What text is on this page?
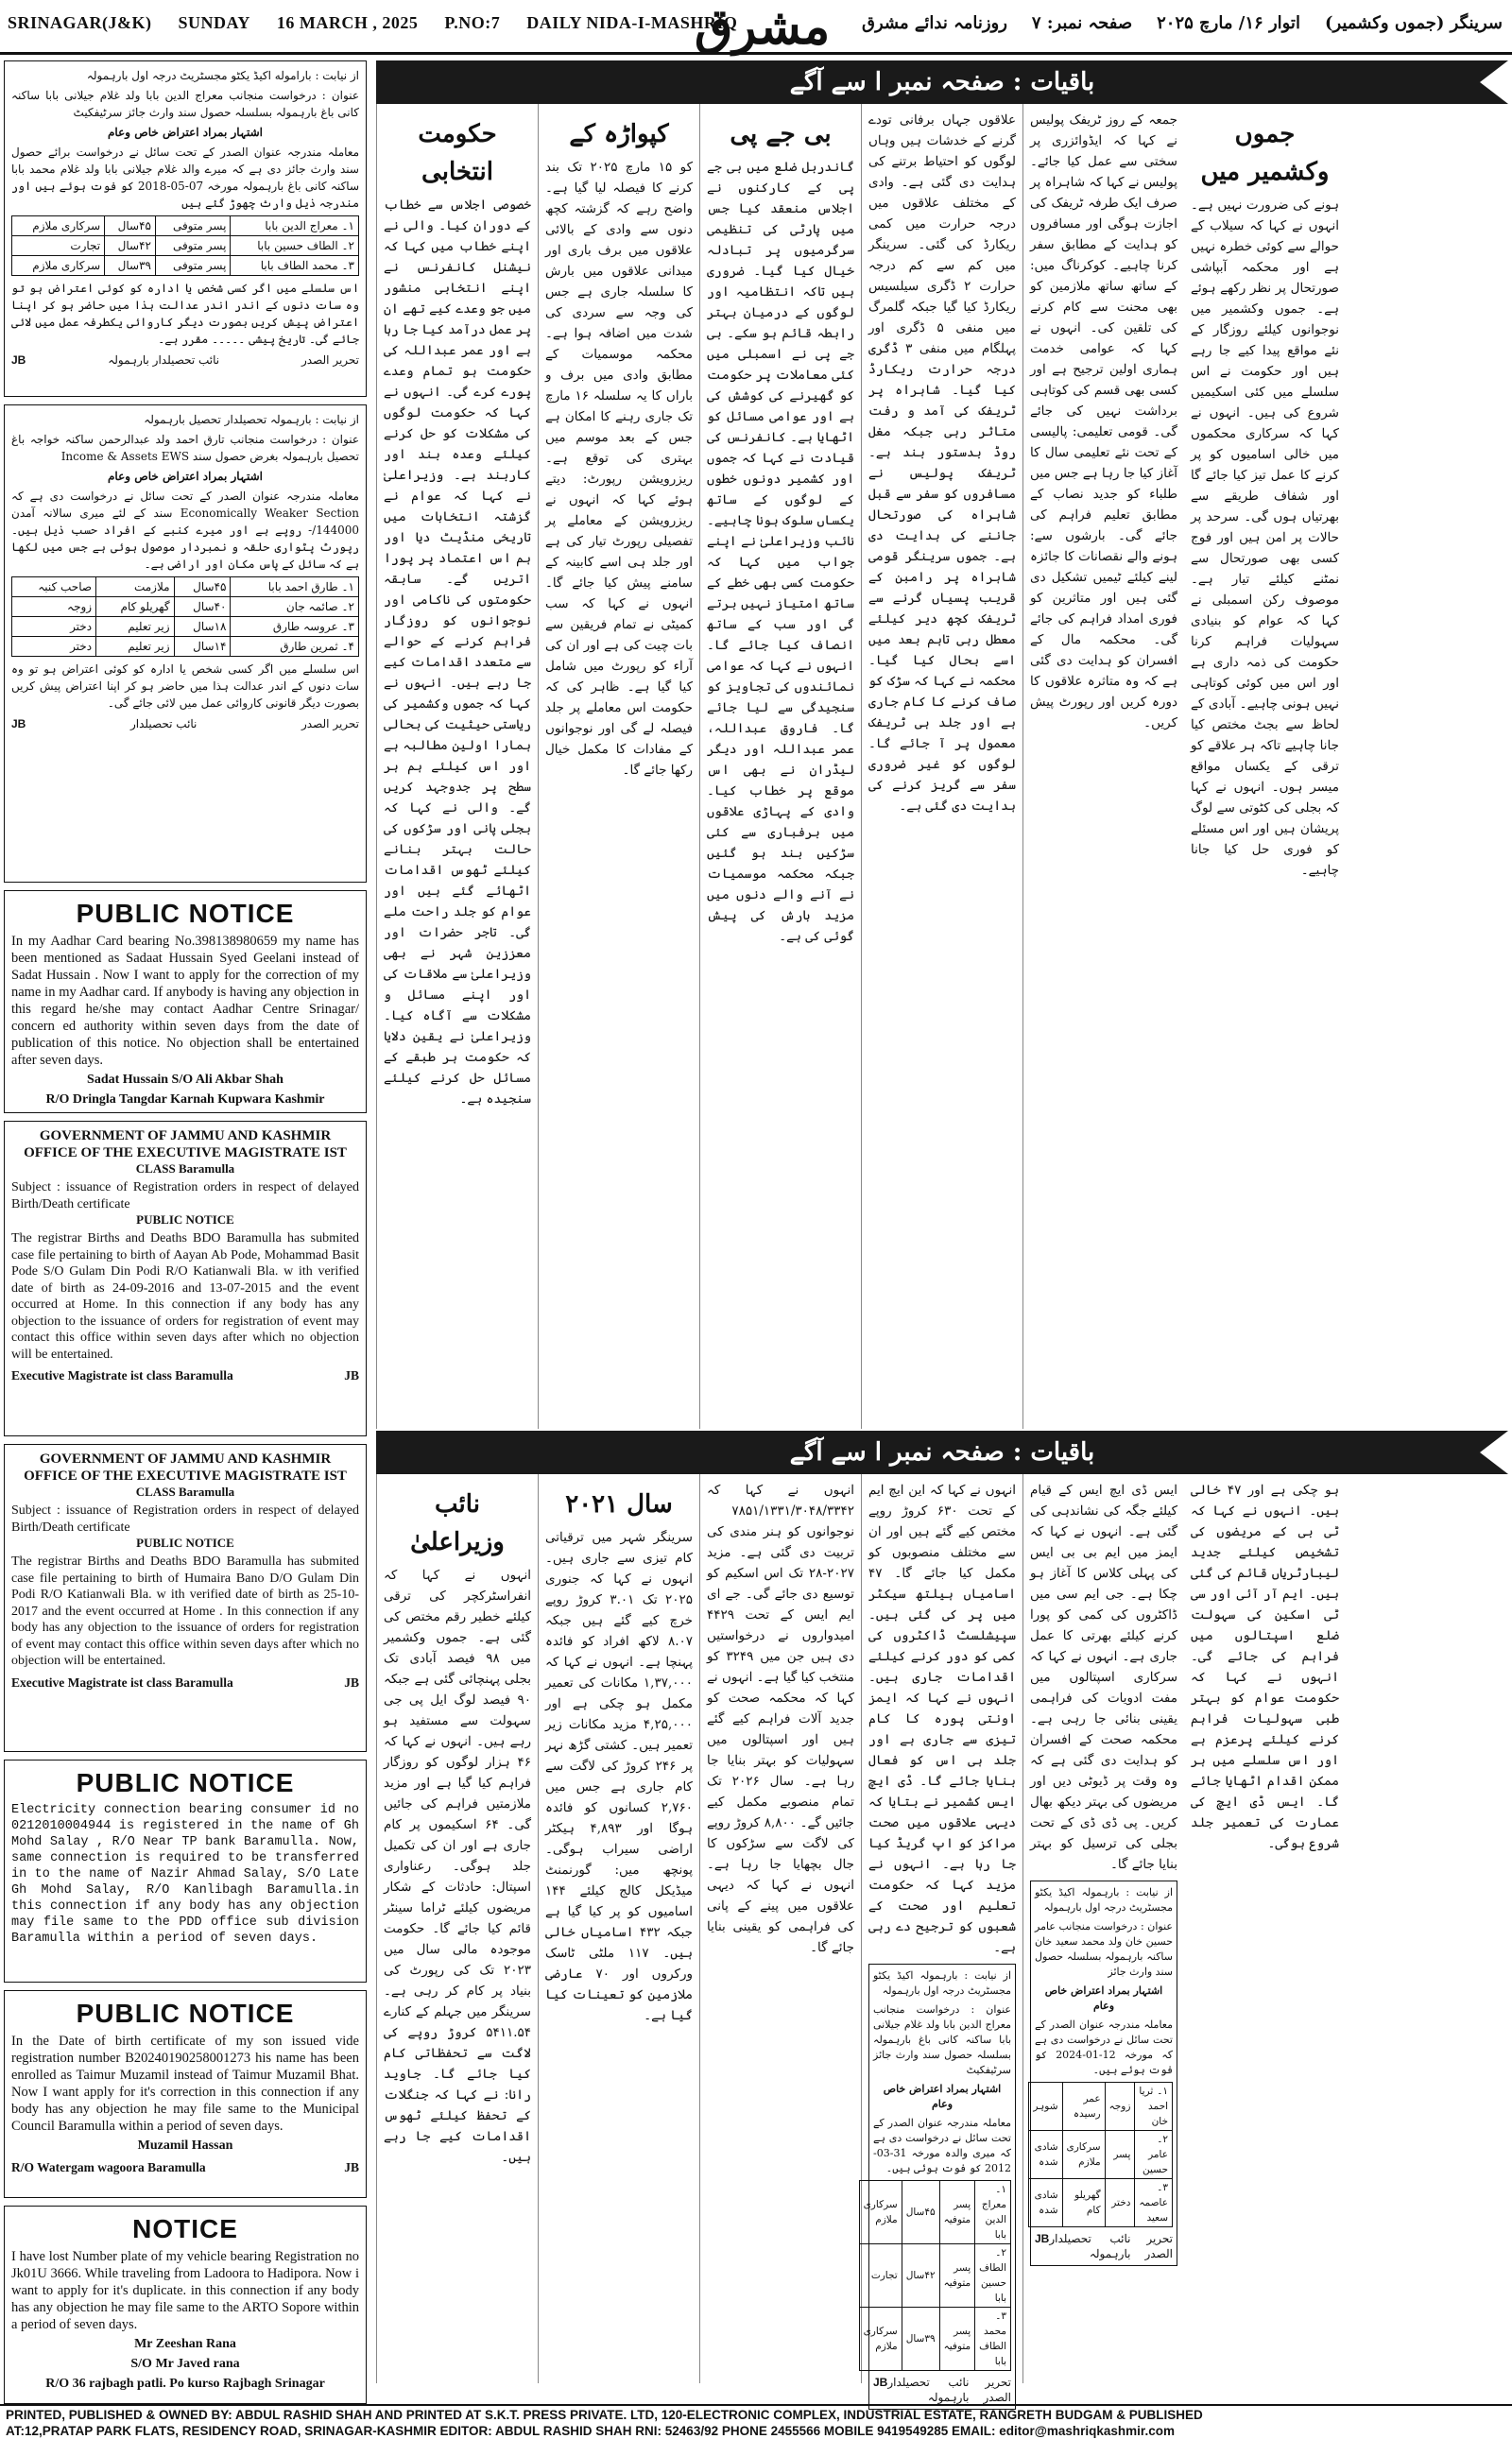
SRINAGAR(J&K) SUNDAY 16 MARCH , 2025 P.NO:7 DAILY NIDA-I-MASHRIQ
مشرق	سرینگر (جموں وکشمیر)
اتوار ۱۶/ مارچ ۲۰۲۵
صفحہ نمبر: ۷
روزنامہ ندائے مشرق

از نیابت : باراموله اکیڈ یکٹو مجسٹریٹ درجہ اول بارہمولہ

عنوان : درخواست منجانب معراج الدین بابا ولد غلام جیلانی بابا ساکنہ کانی باغ بارہمولہ بسلسلہ حصول سند وارث جائز سرٹیفکیٹ

اشتہار بمراد اعتراض خاص وعام

معاملہ مندرجہ عنوان الصدر کے تحت سائل نے درخواست برائے حصول سند وارث جائز دی ہے کہ میرے والد غلام جیلانی بابا ولد غلام محمد بابا ساکنہ کانی باغ بارہمولہ مورخہ 07-05-2018 کو فوت ہوئے ہیں اور مندرجہ ذیل وارث چھوڑ گئے ہیں

۱۔ معراج الدین بابا	پسر متوفی	۴۵سال	سرکاری ملازم
۲۔ الطاف حسین بابا	پسر متوفی	۴۲سال	تجارت
۳۔ محمد الطاف بابا	پسر متوفی	۳۹سال	سرکاری ملازم

اس سلسلے میں اگر کسی شخص یا ادارہ کو کوئی اعتراض ہو تو وہ سات دنوں کے اندر اندر عدالت ہذا میں حاضر ہو کر اپنا اعتراض پیش کریں بصورت دیگر کاروائی یکطرفہ عمل میں لائی جائے گی۔ تاریخ پیشی ۔۔۔۔۔ مقرر ہے۔

تحریر الصدر
نائب تحصیلدار بارہمولہ
JB

از نیابت : بارہمولہ تحصیلدار تحصیل بارہمولہ

عنوان : درخواست منجانب تارق احمد ولد عبدالرحمن ساکنہ خواجہ باغ تحصیل بارہمولہ بغرض حصول سند Income & Assets EWS

اشتہار بمراد اعتراض خاص وعام

معاملہ مندرجہ عنوان الصدر کے تحت سائل نے درخواست دی ہے کہ Economically Weaker Section سند کے لئے میری سالانہ آمدن 144000/- روپے ہے اور میرے کنبے کے افراد حسب ذیل ہیں۔ رپورٹ پٹواری حلقہ و نمبردار موصول ہوئی ہے جس میں لکھا ہے کہ سائل کے پاس مکان اور اراضی ہے۔

۱۔ طارق احمد بابا	۴۵سال	ملازمت	صاحب کنبہ
۲۔ صائمہ جان	۴۰سال	گھریلو کام	زوجہ
۳۔ عروسہ طارق	۱۸سال	زیر تعلیم	دختر
۴۔ ثمرین طارق	۱۴سال	زیر تعلیم	دختر

اس سلسلے میں اگر کسی شخص یا ادارہ کو کوئی اعتراض ہو تو وہ سات دنوں کے اندر عدالت ہذا میں حاضر ہو کر اپنا اعتراض پیش کریں بصورت دیگر قانونی کاروائی عمل میں لائی جائے گی۔

تحریر الصدر
نائب تحصیلدار
JB
PUBLIC NOTICE
In my Aadhar Card bearing No.398138980659 my name has been mentioned as Sadaat Hussain Syed Geelani instead of Sadat Hussain . Now I want to apply for the correction of my name in my Aadhar card. If anybody is having any objection in this regard he/she may contact Aadhar Centre Srinagar/ concern ed authority within seven days from the date of publication of this notice. No objection shall be entertained after seven days.
Sadat Hussain S/O Ali Akbar Shah
R/O Dringla Tangdar Karnah Kupwara Kashmir
GOVERNMENT OF JAMMU AND KASHMIR
OFFICE OF THE EXECUTIVE MAGISTRATE IST
CLASS Baramulla
Subject : issuance of Registration orders in respect of delayed Birth/Death certificate
PUBLIC NOTICE
The registrar Births and Deaths BDO Baramulla has submited case file pertaining to birth of Aayan Ab Pode, Mohammad Basit Pode S/O Gulam Din Podi R/O Katianwali Bla. w ith verified date of birth as 24-09-2016 and 13-07-2015 and the event occurred at Home. In this connection if any body has any objection to the issuance of orders for registration of event may contact this office within seven days after which no objection will be entertained.
Executive Magistrate ist class Baramulla	JB
GOVERNMENT OF JAMMU AND KASHMIR
OFFICE OF THE EXECUTIVE MAGISTRATE IST
CLASS Baramulla
Subject : issuance of Registration orders in respect of delayed Birth/Death certificate
PUBLIC NOTICE
The registrar Births and Deaths BDO Baramulla has submited case file pertaining to birth of Humaira Bano D/O Gulam Din Podi R/O Katianwali Bla. w ith verified date of birth as 25-10-2017 and the event occurred at Home . In this connection if any body has any objection to the issuance of orders for registration of event may contact this office within seven days after which no objection will be entertained.
Executive Magistrate ist class Baramulla	JB
PUBLIC NOTICE
Electricity connection bearing consumer id no 0212010004944 is registered in the name of Gh Mohd Salay , R/O Near TP bank Baramulla. Now, same connection is required to be transferred in to the name of Nazir Ahmad Salay, S/O Late Gh Mohd Salay, R/O Kanlibagh Baramulla.in this connection if any body has any objection may file same to the PDD office sub division Baramulla within a period of seven days.
PUBLIC NOTICE
In the Date of birth certificate of my son issued vide registration number B20240190258001273 his name has been enrolled as Taimur Muzamil instead of Taimur Muzamil Bhat. Now I want apply for it's correction in this connection if any body has any objection he may file same to the Municipal Council Baramulla within a period of seven days.
Muzamil Hassan
R/O Watergam wagoora Baramulla	JB
NOTICE
I have lost Number plate of my vehicle bearing Registration no Jk01U 3666. While traveling from Ladoora to Hadipora. Now i want to apply for it's duplicate. in this connection if any body has any objection he may file same to the ARTO Sopore within a period of seven days.
Mr Zeeshan Rana
S/O Mr Javed rana
R/O 36 rajbagh patli. Po kurso Rajbagh Srinagar
باقیات : صفحہ نمبر ا سے آگے
حکومت انتخابی

خصوصی اجلاس سے خطاب کے دوران کیا۔ والی نے اپنے خطاب میں کہا کہ نیشنل کانفرنس نے اپنے انتخابی منشور میں جو وعدے کیے تھے ان پر عمل درآمد کیا جا رہا ہے اور عمر عبداللہ کی حکومت ہو تمام وعدے پورے کرے گی۔ انہوں نے کہا کہ حکومت لوگوں کی مشکلات کو حل کرنے کیلئے وعدہ بند اور کاربند ہے۔ وزیراعلیٰ نے کہا کہ عوام نے گزشتہ انتخابات میں تاریخی منڈیٹ دیا اور ہم اس اعتماد پر پورا اتریں گے۔ سابقہ حکومتوں کی ناکامی اور نوجوانوں کو روزگار فراہم کرنے کے حوالے سے متعدد اقدامات کیے جا رہے ہیں۔ انہوں نے کہا کہ جموں وکشمیر کی ریاستی حیثیت کی بحالی ہمارا اولین مطالبہ ہے اور اس کیلئے ہم ہر سطح پر جدوجہد کریں گے۔ والی نے کہا کہ بجلی پانی اور سڑکوں کی حالت بہتر بنانے کیلئے ٹھوس اقدامات اٹھائے گئے ہیں اور عوام کو جلد راحت ملے گی۔ تاجر حضرات اور معززین شہر نے بھی وزیراعلیٰ سے ملاقات کی اور اپنے مسائل و مشکلات سے آگاہ کیا۔ وزیراعلیٰ نے یقین دلایا کہ حکومت ہر طبقے کے مسائل حل کرنے کیلئے سنجیدہ ہے۔

کپواڑہ کے

کو ۱۵ مارچ ۲۰۲۵ تک بند کرنے کا فیصلہ لیا گیا ہے۔ واضح رہے کہ گزشتہ کچھ دنوں سے وادی کے بالائی علاقوں میں برف باری اور میدانی علاقوں میں بارش کا سلسلہ جاری ہے جس کی وجہ سے سردی کی شدت میں اضافہ ہوا ہے۔ محکمہ موسمیات کے مطابق وادی میں برف و باراں کا یہ سلسلہ ۱۶ مارچ تک جاری رہنے کا امکان ہے جس کے بعد موسم میں بہتری کی توقع ہے۔ ریزرویشن رپورٹ: دیتے ہوئے کہا کہ انہوں نے ریزرویشن کے معاملے پر تفصیلی رپورٹ تیار کی ہے اور جلد ہی اسے کابینہ کے سامنے پیش کیا جائے گا۔ انہوں نے کہا کہ سب کمیٹی نے تمام فریقین سے بات چیت کی ہے اور ان کی آراء کو رپورٹ میں شامل کیا گیا ہے۔ ظاہر کی کہ حکومت اس معاملے پر جلد فیصلہ لے گی اور نوجوانوں کے مفادات کا مکمل خیال رکھا جائے گا۔

بی جے پی

گاندربل ضلع میں بی جے پی کے کارکنوں نے اجلاس منعقد کیا جس میں پارٹی کی تنظیمی سرگرمیوں پر تبادلہ خیال کیا گیا۔ ضروری ہیں تاکہ انتظامیہ اور لوگوں کے درمیان بہتر رابطہ قائم ہو سکے۔ بی جے پی نے اسمبلی میں کئی معاملات پر حکومت کو گھیرنے کی کوشش کی ہے اور عوامی مسائل کو اٹھایا ہے۔ کانفرنس کی قیادت نے کہا کہ جموں اور کشمیر دونوں خطوں کے لوگوں کے ساتھ یکساں سلوک ہونا چاہیے۔ نائب وزیراعلیٰ نے اپنے جواب میں کہا کہ حکومت کسی بھی خطے کے ساتھ امتیاز نہیں برتے گی اور سب کے ساتھ انصاف کیا جائے گا۔ انہوں نے کہا کہ عوامی نمائندوں کی تجاویز کو سنجیدگی سے لیا جائے گا۔ فاروق عبداللہ، عمر عبداللہ اور دیگر لیڈران نے بھی اس موقع پر خطاب کیا۔ وادی کے پہاڑی علاقوں میں برفباری سے کئی سڑکیں بند ہو گئیں جبکہ محکمہ موسمیات نے آنے والے دنوں میں مزید بارش کی پیش گوئی کی ہے۔

علاقوں جہاں برفانی تودے گرنے کے خدشات ہیں وہاں لوگوں کو احتیاط برتنے کی ہدایت دی گئی ہے۔ وادی کے مختلف علاقوں میں درجہ حرارت میں کمی ریکارڈ کی گئی۔ سرینگر میں کم سے کم درجہ حرارت ۲ ڈگری سیلسیس ریکارڈ کیا گیا جبکہ گلمرگ میں منفی ۵ ڈگری اور پہلگام میں منفی ۳ ڈگری درجہ حرارت ریکارڈ کیا گیا۔ شاہراہ پر ٹریفک کی آمد و رفت متاثر رہی جبکہ مغل روڈ بدستور بند ہے۔ ٹریفک پولیس نے مسافروں کو سفر سے قبل شاہراہ کی صورتحال جاننے کی ہدایت دی ہے۔ جموں سرینگر قومی شاہراہ پر رامبن کے قریب پسیاں گرنے سے ٹریفک کچھ دیر کیلئے معطل رہی تاہم بعد میں اسے بحال کیا گیا۔ محکمہ نے کہا کہ سڑک کو صاف کرنے کا کام جاری ہے اور جلد ہی ٹریفک معمول پر آ جائے گا۔ لوگوں کو غیر ضروری سفر سے گریز کرنے کی ہدایت دی گئی ہے۔

جمعہ کے روز ٹریفک پولیس نے کہا کہ ایڈوائزری پر سختی سے عمل کیا جائے۔ پولیس نے کہا کہ شاہراہ پر صرف ایک طرفہ ٹریفک کی اجازت ہوگی اور مسافروں کو ہدایت کے مطابق سفر کرنا چاہیے۔ کوکرناگ میں: کے ساتھ ساتھ ملازمین کو بھی محنت سے کام کرنے کی تلقین کی۔ انہوں نے کہا کہ عوامی خدمت ہماری اولین ترجیح ہے اور کسی بھی قسم کی کوتاہی برداشت نہیں کی جائے گی۔ قومی تعلیمی: پالیسی کے تحت نئے تعلیمی سال کا آغاز کیا جا رہا ہے جس میں طلباء کو جدید نصاب کے مطابق تعلیم فراہم کی جائے گی۔ بارشوں سے: ہونے والے نقصانات کا جائزہ لینے کیلئے ٹیمیں تشکیل دی گئی ہیں اور متاثرین کو فوری امداد فراہم کی جائے گی۔ محکمہ مال کے افسران کو ہدایت دی گئی ہے کہ وہ متاثرہ علاقوں کا دورہ کریں اور رپورٹ پیش کریں۔

جموں وکشمیر میں

ہونے کی ضرورت نہیں ہے۔ انہوں نے کہا کہ سیلاب کے حوالے سے کوئی خطرہ نہیں ہے اور محکمہ آبپاشی صورتحال پر نظر رکھے ہوئے ہے۔ جموں وکشمیر میں نوجوانوں کیلئے روزگار کے نئے مواقع پیدا کیے جا رہے ہیں اور حکومت نے اس سلسلے میں کئی اسکیمیں شروع کی ہیں۔ انہوں نے کہا کہ سرکاری محکموں میں خالی اسامیوں کو پر کرنے کا عمل تیز کیا جائے گا اور شفاف طریقے سے بھرتیاں ہوں گی۔ سرحد پر حالات پر امن ہیں اور فوج کسی بھی صورتحال سے نمٹنے کیلئے تیار ہے۔ موصوف رکن اسمبلی نے کہا کہ عوام کو بنیادی سہولیات فراہم کرنا حکومت کی ذمہ داری ہے اور اس میں کوئی کوتاہی نہیں ہونی چاہیے۔ آبادی کے لحاظ سے بجٹ مختص کیا جانا چاہیے تاکہ ہر علاقے کو ترقی کے یکساں مواقع میسر ہوں۔ انہوں نے کہا کہ بجلی کی کٹوتی سے لوگ پریشان ہیں اور اس مسئلے کو فوری حل کیا جانا چاہیے۔

باقیات : صفحہ نمبر ا سے آگے
نائب وزیراعلیٰ

انہوں نے کہا کہ انفراسٹرکچر کی ترقی کیلئے خطیر رقم مختص کی گئی ہے۔ جموں وکشمیر میں ۹۸ فیصد آبادی تک بجلی پہنچائی گئی ہے جبکہ ۹۰ فیصد لوگ ایل پی جی سہولت سے مستفید ہو رہے ہیں۔ انہوں نے کہا کہ ۴۶ ہزار لوگوں کو روزگار فراہم کیا گیا ہے اور مزید ملازمتیں فراہم کی جائیں گی۔ ۶۴ اسکیموں پر کام جاری ہے اور ان کی تکمیل جلد ہوگی۔ رعناواری اسپتال: حادثات کے شکار مریضوں کیلئے ٹراما سینٹر قائم کیا جائے گا۔ حکومت موجودہ مالی سال میں ۲۰۲۳ تک کی رپورٹ کی بنیاد پر کام کر رہی ہے۔ سرینگر میں جہلم کے کنارے ۵۴۱۱.۵۴ کروڑ روپے کی لاگت سے تحفظاتی کام کیا جائے گا۔ جاوید رانا: نے کہا کہ جنگلات کے تحفظ کیلئے ٹھوس اقدامات کیے جا رہے ہیں۔

سال ۲۰۲۱

سرینگر شہر میں ترقیاتی کام تیزی سے جاری ہیں۔ انہوں نے کہا کہ جنوری ۲۰۲۵ تک ۳.۰۱ کروڑ روپے خرچ کیے گئے ہیں جبکہ ۸.۰۷ لاکھ افراد کو فائدہ پہنچا ہے۔ انہوں نے کہا کہ ۱,۳۷,۰۰۰ مکانات کی تعمیر مکمل ہو چکی ہے اور ۴,۲۵,۰۰۰ مزید مکانات زیر تعمیر ہیں۔ کشتی گڑھ نہر پر ۲۴۶ کروڑ کی لاگت سے کام جاری ہے جس میں ۲,۷۶۰ کسانوں کو فائدہ ہوگا اور ۴,۸۹۳ ہیکٹر اراضی سیراب ہوگی۔ پونچھ میں: گورنمنٹ میڈیکل کالج کیلئے ۱۴۴ اسامیوں کو پر کیا گیا ہے جبکہ ۴۳۲ اسامیاں خالی ہیں۔ ۱۱۷ ملٹی ٹاسک ورکروں اور ۷۰ عارضی ملازمین کو تعینات کیا گیا ہے۔

انہوں نے کہا کہ ۷۸۵۱/۱۳۳۱/۳۰۴۸/۳۳۴۲ نوجوانوں کو ہنر مندی کی تربیت دی گئی ہے۔ مزید ۲۰۲۷-۲۸ تک اس اسکیم کو توسیع دی جائے گی۔ جے ای ایم ایس کے تحت ۴۴۲۹ امیدواروں نے درخواستیں دی ہیں جن میں ۳۲۴۹ کو منتخب کیا گیا ہے۔ انہوں نے کہا کہ محکمہ صحت کو جدید آلات فراہم کیے گئے ہیں اور اسپتالوں میں سہولیات کو بہتر بنایا جا رہا ہے۔ سال ۲۰۲۶ تک تمام منصوبے مکمل کیے جائیں گے۔ ۸,۸۰۰ کروڑ روپے کی لاگت سے سڑکوں کا جال بچھایا جا رہا ہے۔ انہوں نے کہا کہ دیہی علاقوں میں پینے کے پانی کی فراہمی کو یقینی بنایا جائے گا۔

انہوں نے کہا کہ این ایچ ایم کے تحت ۶۳۰ کروڑ روپے مختص کیے گئے ہیں اور ان سے مختلف منصوبوں کو مکمل کیا جائے گا۔ ۴۷ اسامیاں ہیلتھ سیکٹر میں پر کی گئی ہیں۔ سپیشلسٹ ڈاکٹروں کی کمی کو دور کرنے کیلئے اقدامات جاری ہیں۔ انہوں نے کہا کہ ایمز اونتی پورہ کا کام تیزی سے جاری ہے اور جلد ہی اس کو فعال بنایا جائے گا۔ ڈی ایچ ایس کشمیر نے بتایا کہ دیہی علاقوں میں صحت مراکز کو اپ گریڈ کیا جا رہا ہے۔ انہوں نے مزید کہا کہ حکومت تعلیم اور صحت کے شعبوں کو ترجیح دے رہی ہے۔

از نیابت : بارہمولہ اکیڈ یکٹو مجسٹریٹ درجہ اول بارہمولہ

عنوان : درخواست منجانب معراج الدین بابا ولد غلام جیلانی بابا ساکنہ کانی باغ بارہمولہ بسلسلہ حصول سند وارث جائز سرٹیفکیٹ

اشتہار بمراد اعتراض خاص وعام

معاملہ مندرجہ عنوان الصدر کے تحت سائل نے درخواست دی ہے کہ میری والدہ مورخہ 31-03-2012 کو فوت ہوئی ہیں۔

۱۔ معراج الدین بابا	پسر متوفیہ	۴۵سال	سرکاری ملازم
۲۔ الطاف حسین بابا	پسر متوفیہ	۴۲سال	تجارت
۳۔ محمد الطاف بابا	پسر متوفیہ	۳۹سال	سرکاری ملازم
تحریر الصدر
نائب تحصیلدار بارہمولہ
JB

ایس ڈی ایچ ایس کے قیام کیلئے جگہ کی نشاندہی کی گئی ہے۔ انہوں نے کہا کہ ایمز میں ایم بی بی ایس کی پہلی کلاس کا آغاز ہو چکا ہے۔ جی ایم سی میں ڈاکٹروں کی کمی کو پورا کرنے کیلئے بھرتی کا عمل جاری ہے۔ انہوں نے کہا کہ سرکاری اسپتالوں میں مفت ادویات کی فراہمی یقینی بنائی جا رہی ہے۔ محکمہ صحت کے افسران کو ہدایت دی گئی ہے کہ وہ وقت پر ڈیوٹی دیں اور مریضوں کی بہتر دیکھ بھال کریں۔ پی ڈی ڈی کے تحت بجلی کی ترسیل کو بہتر بنایا جائے گا۔

از نیابت : بارہمولہ اکیڈ یکٹو مجسٹریٹ درجہ اول بارہمولہ

عنوان : درخواست منجانب عامر حسین خان ولد محمد سعید خان ساکنہ بارہمولہ بسلسلہ حصول سند وارث جائز

اشتہار بمراد اعتراض خاص وعام

معاملہ مندرجہ عنوان الصدر کے تحت سائل نے درخواست دی ہے کہ مورخہ 12-01-2024 کو فوت ہوئے ہیں۔

۱۔ ثریا احمد خان	زوجہ	عمر رسیدہ	شوہر
۲۔ عامر حسین	پسر	سرکاری ملازم	شادی شدہ
۳۔ عاصمہ سعید	دختر	گھریلو کام	شادی شدہ
تحریر الصدر
نائب تحصیلدار بارہمولہ
JB

ہو چکی ہے اور ۴۷ خالی ہیں۔ انہوں نے کہا کہ ٹی بی کے مریضوں کی تشخیص کیلئے جدید لیبارٹریاں قائم کی گئی ہیں۔ ایم آر آئی اور سی ٹی اسکین کی سہولت ضلع اسپتالوں میں فراہم کی جائے گی۔ انہوں نے کہا کہ حکومت عوام کو بہتر طبی سہولیات فراہم کرنے کیلئے پرعزم ہے اور اس سلسلے میں ہر ممکن اقدام اٹھایا جائے گا۔ ایس ڈی ایچ کی عمارت کی تعمیر جلد شروع ہوگی۔

PRINTED, PUBLISHED & OWNED BY: ABDUL RASHID SHAH AND PRINTED AT S.K.T. PRESS PRIVATE. LTD, 120-ELECTRONIC COMPLEX, INDUSTRIAL ESTATE, RANGRETH BUDGAM & PUBLISHED
AT:12,PRATAP PARK FLATS, RESIDENCY ROAD, SRINAGAR-KASHMIR EDITOR: ABDUL RASHID SHAH RNI: 52463/92 PHONE 2455566 MOBILE 9419549285 EMAIL: editor@mashriqkashmir.com
